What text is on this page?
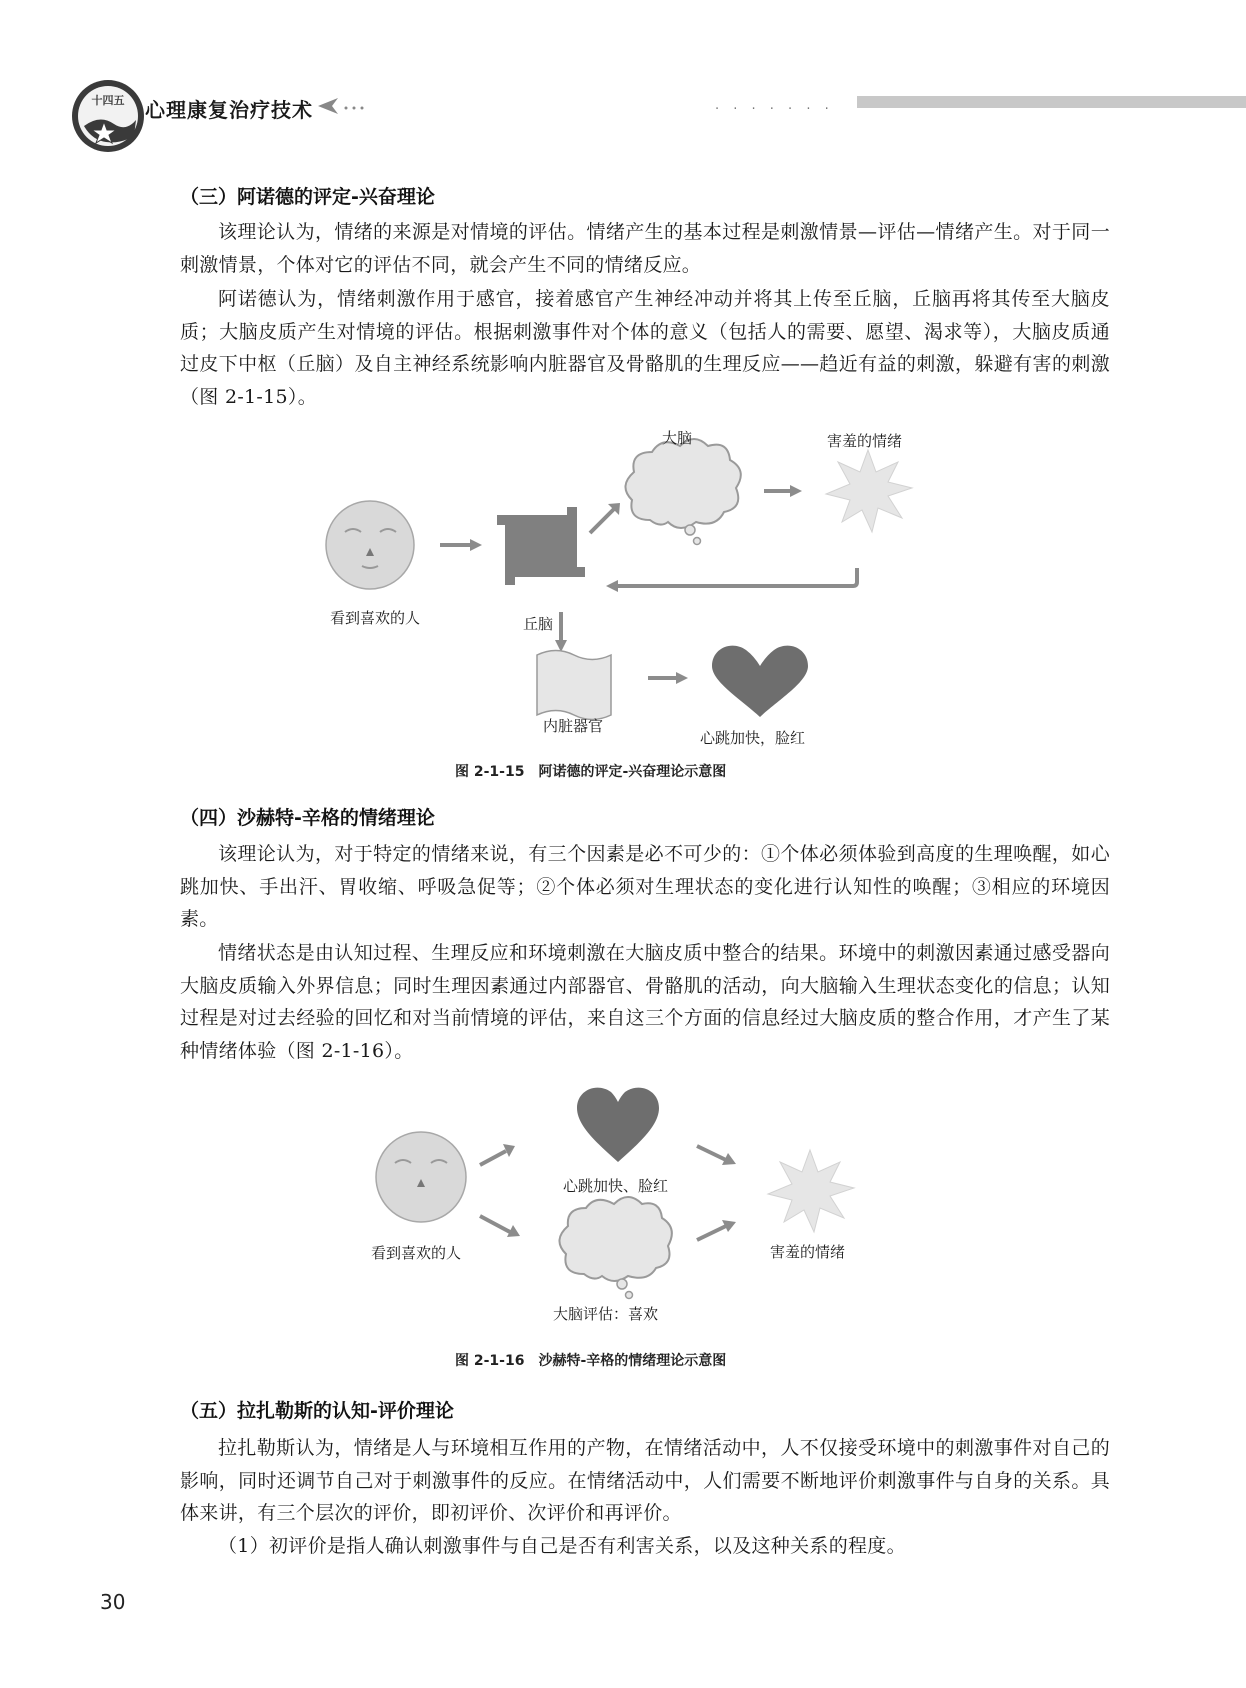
十四五 心理康复治疗技术	· · · · · · ·
（三）阿诺德的评定-兴奋理论
该理论认为，情绪的来源是对情境的评估。情绪产生的基本过程是刺激情景—评估—情绪产生。对于同一刺激情景，个体对它的评估不同，就会产生不同的情绪反应。
阿诺德认为，情绪刺激作用于感官，接着感官产生神经冲动并将其上传至丘脑，丘脑再将其传至大脑皮质；大脑皮质产生对情境的评估。根据刺激事件对个体的意义（包括人的需要、愿望、渴求等），大脑皮质通过皮下中枢（丘脑）及自主神经系统影响内脏器官及骨骼肌的生理反应——趋近有益的刺激，躲避有害的刺激（图 2-1-15）。
看到喜欢的人	丘脑
大脑	害羞的情绪
内脏器官
心跳加快，脸红
图 2-1-15　阿诺德的评定-兴奋理论示意图
（四）沙赫特-辛格的情绪理论
该理论认为，对于特定的情绪来说，有三个因素是必不可少的：①个体必须体验到高度的生理唤醒，如心跳加快、手出汗、胃收缩、呼吸急促等；②个体必须对生理状态的变化进行认知性的唤醒；③相应的环境因素。
情绪状态是由认知过程、生理反应和环境刺激在大脑皮质中整合的结果。环境中的刺激因素通过感受器向大脑皮质输入外界信息；同时生理因素通过内部器官、骨骼肌的活动，向大脑输入生理状态变化的信息；认知过程是对过去经验的回忆和对当前情境的评估，来自这三个方面的信息经过大脑皮质的整合作用，才产生了某种情绪体验（图 2-1-16）。
看到喜欢的人
心跳加快、脸红
大脑评估：喜欢
害羞的情绪
图 2-1-16　沙赫特-辛格的情绪理论示意图
（五）拉扎勒斯的认知-评价理论
拉扎勒斯认为，情绪是人与环境相互作用的产物，在情绪活动中，人不仅接受环境中的刺激事件对自己的影响，同时还调节自己对于刺激事件的反应。在情绪活动中，人们需要不断地评价刺激事件与自身的关系。具体来讲，有三个层次的评价，即初评价、次评价和再评价。
（1）初评价是指人确认刺激事件与自己是否有利害关系，以及这种关系的程度。
30
